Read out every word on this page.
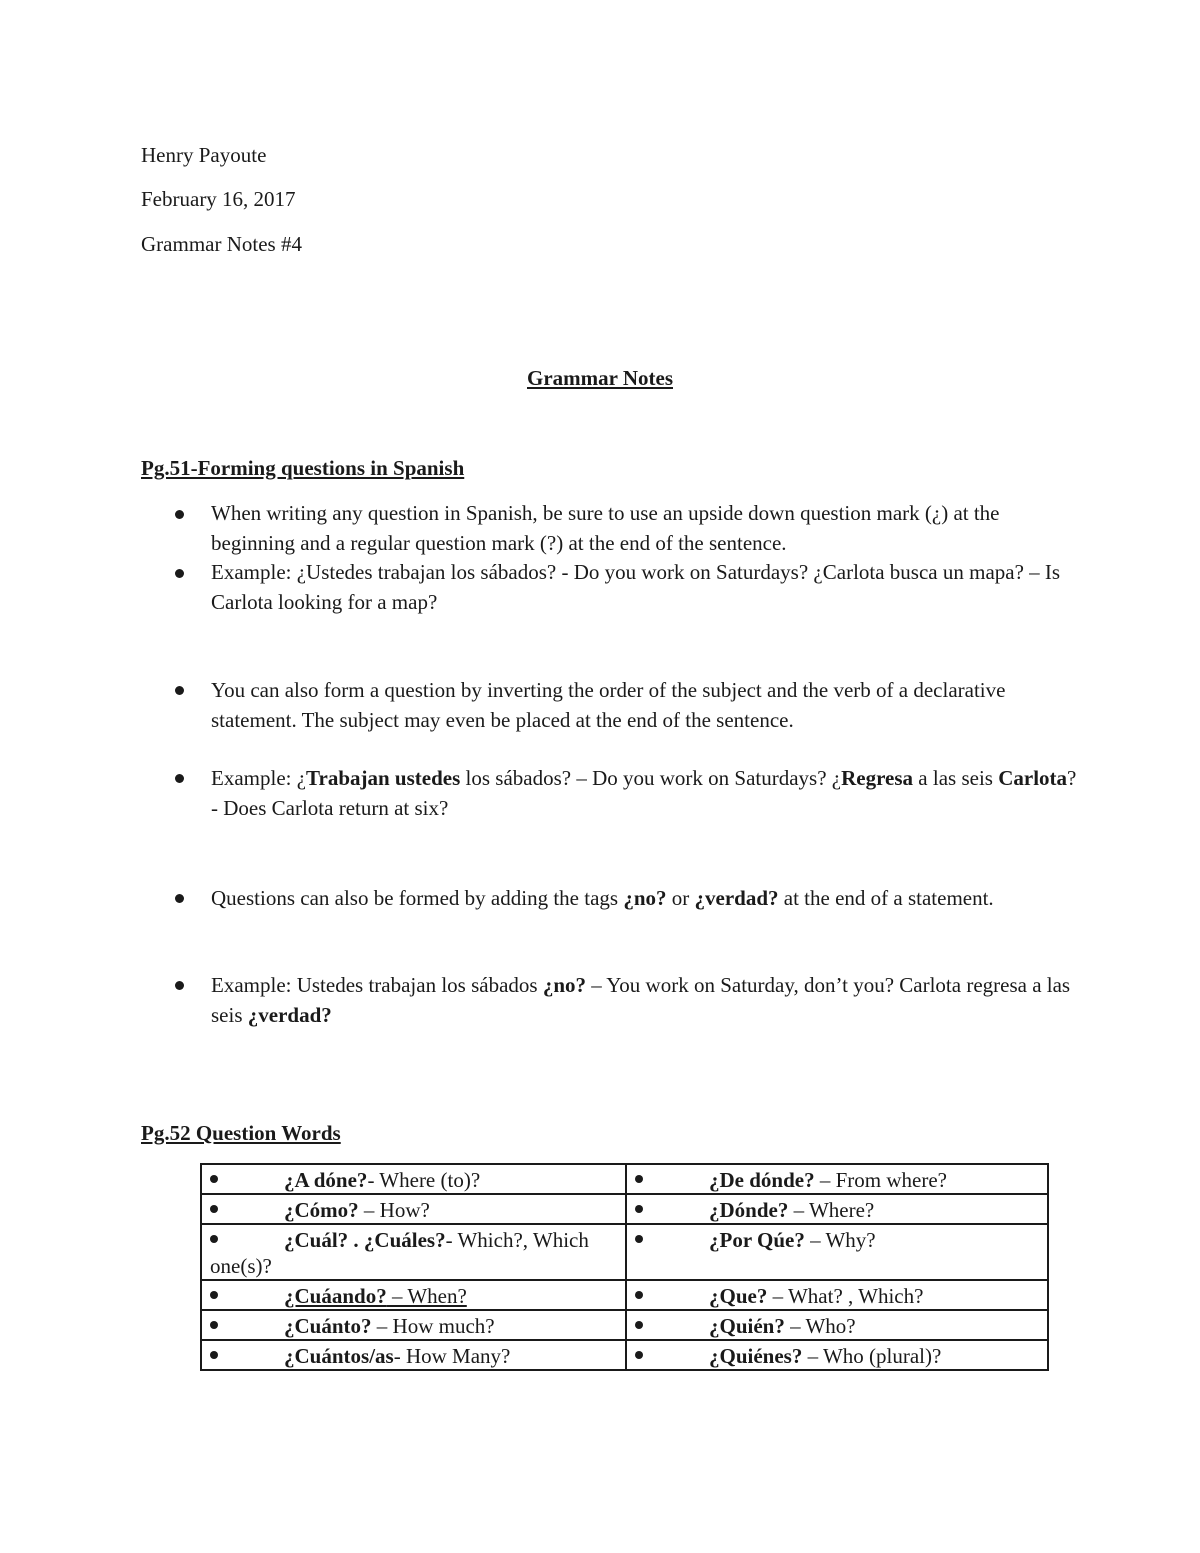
Henry Payoute
February 16, 2017
Grammar Notes #4
Grammar Notes
Pg.51-Forming questions in Spanish
When writing any question in Spanish, be sure to use an upside down question mark (¿) at the beginning and a regular question mark (?) at the end of the sentence.
Example: ¿Ustedes trabajan los sábados? - Do you work on Saturdays? ¿Carlota busca un mapa? – Is Carlota looking for a map?
You can also form a question by inverting the order of the subject and the verb of a declarative statement. The subject may even be placed at the end of the sentence.
Example: ¿Trabajan ustedes los sábados? – Do you work on Saturdays? ¿Regresa a las seis Carlota? - Does Carlota return at six?
Questions can also be formed by adding the tags ¿no? or ¿verdad? at the end of a statement.
Example: Ustedes trabajan los sábados ¿no? – You work on Saturday, don’t you? Carlota regresa a las seis ¿verdad?
Pg.52 Question Words
¿A dóne?- Where (to)?	¿De dónde? – From where?

¿Cómo? – How?	¿Dónde? – Where?

¿Cuál? . ¿Cuáles?- Which?, Which one(s)?	¿Por Qúe? – Why?

¿Cuáando? – When?	¿Que? – What? , Which?

¿Cuánto? – How much?	¿Quién? – Who?

¿Cuántos/as- How Many?	¿Quiénes? – Who (plural)?
